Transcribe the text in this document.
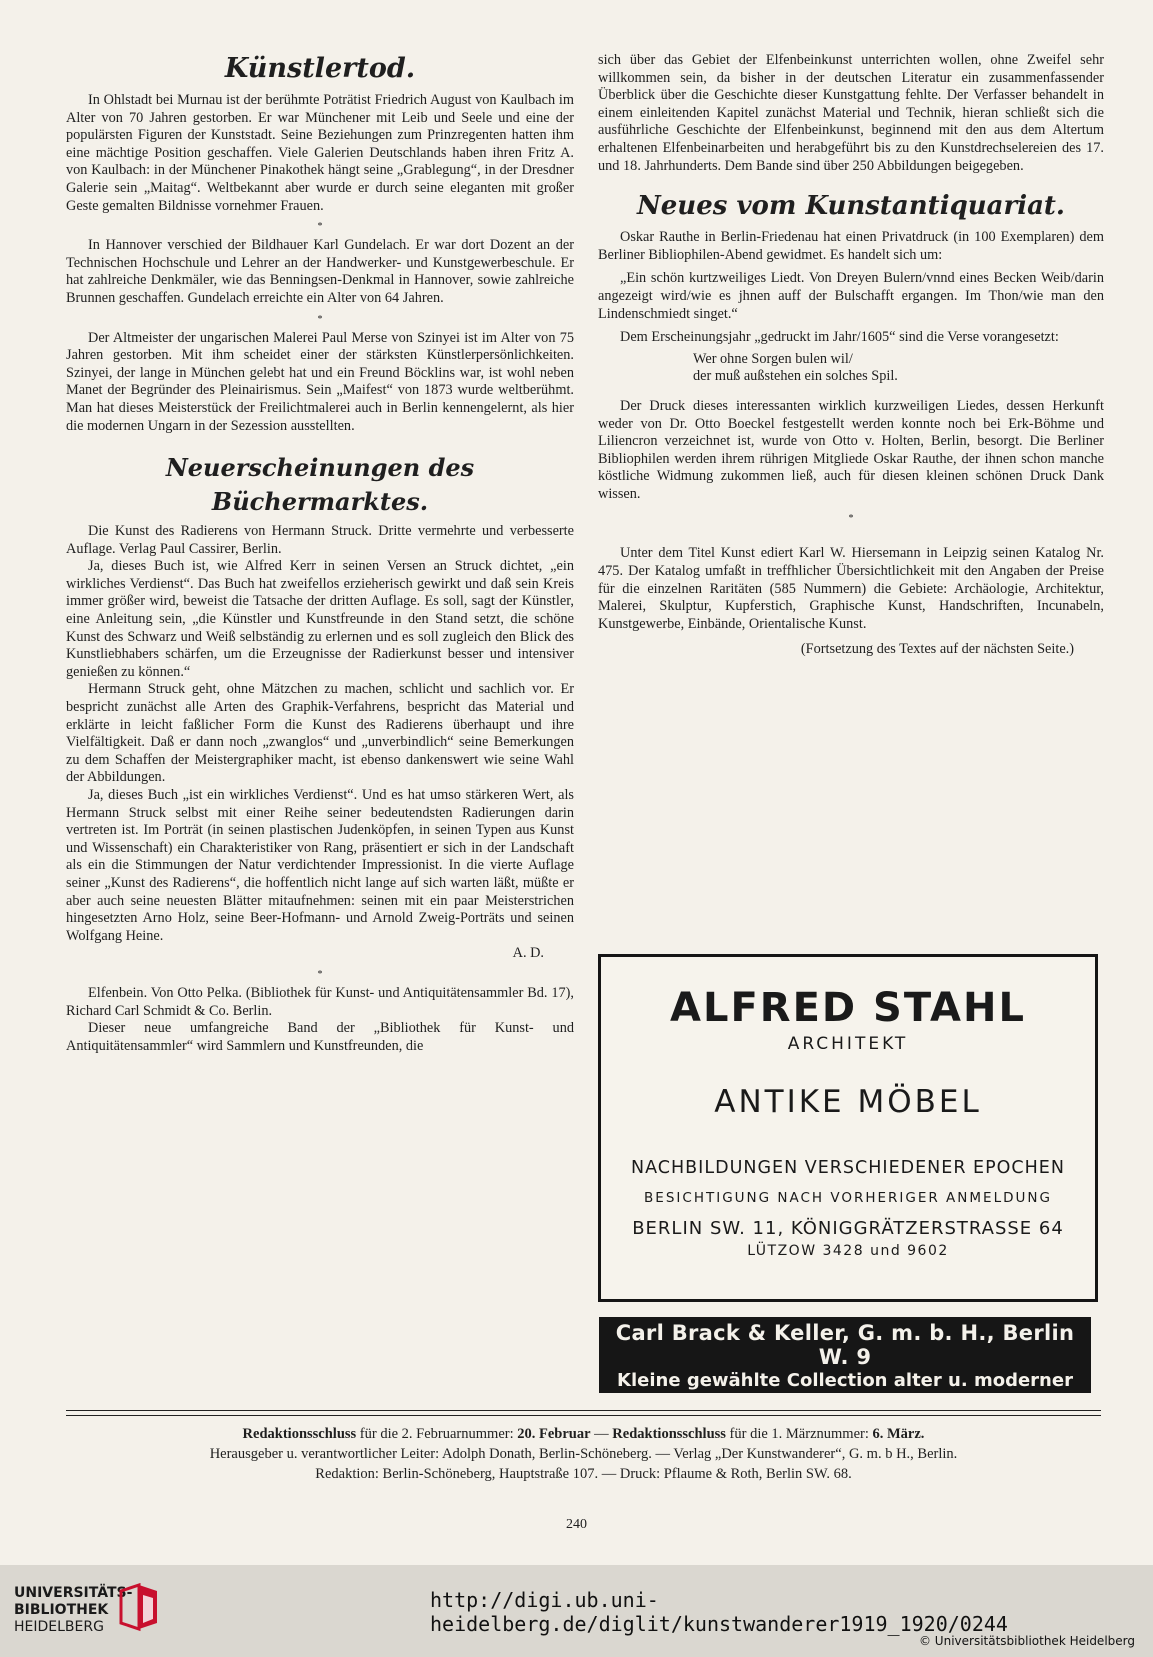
Künstlertod.

In Ohlstadt bei Murnau ist der berühmte Poträtist Friedrich August von Kaulbach im Alter von 70 Jahren gestorben. Er war Münchener mit Leib und Seele und eine der populärsten Figuren der Kunststadt. Seine Beziehungen zum Prinzregenten hatten ihm eine mächtige Position geschaffen. Viele Galerien Deutschlands haben ihren Fritz A. von Kaulbach: in der Münchener Pinakothek hängt seine „Grablegung“, in der Dresdner Galerie sein „Maitag“. Weltbekannt aber wurde er durch seine eleganten mit großer Geste gemalten Bildnisse vornehmer Frauen.

*

In Hannover verschied der Bildhauer Karl Gundelach. Er war dort Dozent an der Technischen Hochschule und Lehrer an der Handwerker- und Kunstgewerbeschule. Er hat zahlreiche Denkmäler, wie das Benningsen-Denkmal in Hannover, sowie zahlreiche Brunnen geschaffen. Gundelach erreichte ein Alter von 64 Jahren.

*

Der Altmeister der ungarischen Malerei Paul Merse von Szinyei ist im Alter von 75 Jahren gestorben. Mit ihm scheidet einer der stärksten Künstlerpersönlichkeiten. Szinyei, der lange in München gelebt hat und ein Freund Böcklins war, ist wohl neben Manet der Begründer des Pleinairismus. Sein „Maifest“ von 1873 wurde weltberühmt. Man hat dieses Meisterstück der Freilichtmalerei auch in Berlin kennengelernt, als hier die modernen Ungarn in der Sezession ausstellten.

Neuerscheinungen des Büchermarktes.

Die Kunst des Radierens von Hermann Struck. Dritte vermehrte und verbesserte Auflage. Verlag Paul Cassirer, Berlin.

Ja, dieses Buch ist, wie Alfred Kerr in seinen Versen an Struck dichtet, „ein wirkliches Verdienst“. Das Buch hat zweifellos erzieherisch gewirkt und daß sein Kreis immer größer wird, beweist die Tatsache der dritten Auflage. Es soll, sagt der Künstler, eine Anleitung sein, „die Künstler und Kunstfreunde in den Stand setzt, die schöne Kunst des Schwarz und Weiß selbständig zu erlernen und es soll zugleich den Blick des Kunstliebhabers schärfen, um die Erzeugnisse der Radierkunst besser und intensiver genießen zu können.“

Hermann Struck geht, ohne Mätzchen zu machen, schlicht und sachlich vor. Er bespricht zunächst alle Arten des Graphik-Verfahrens, bespricht das Material und erklärte in leicht faßlicher Form die Kunst des Radierens überhaupt und ihre Vielfältigkeit. Daß er dann noch „zwanglos“ und „unverbindlich“ seine Bemerkungen zu dem Schaffen der Meistergraphiker macht, ist ebenso dankenswert wie seine Wahl der Abbildungen.

Ja, dieses Buch „ist ein wirkliches Verdienst“. Und es hat umso stärkeren Wert, als Hermann Struck selbst mit einer Reihe seiner bedeutendsten Radierungen darin vertreten ist. Im Porträt (in seinen plastischen Judenköpfen, in seinen Typen aus Kunst und Wissenschaft) ein Charakteristiker von Rang, präsentiert er sich in der Landschaft als ein die Stimmungen der Natur verdichtender Impressionist. In die vierte Auflage seiner „Kunst des Radierens“, die hoffentlich nicht lange auf sich warten läßt, müßte er aber auch seine neuesten Blätter mitaufnehmen: seinen mit ein paar Meisterstrichen hingesetzten Arno Holz, seine Beer-Hofmann- und Arnold Zweig-Porträts und seinen Wolfgang Heine.

A. D.
*

Elfenbein. Von Otto Pelka. (Bibliothek für Kunst- und Antiquitätensammler Bd. 17), Richard Carl Schmidt & Co. Berlin.

Dieser neue umfangreiche Band der „Bibliothek für Kunst- und Antiquitätensammler“ wird Sammlern und Kunstfreunden, die

sich über das Gebiet der Elfenbeinkunst unterrichten wollen, ohne Zweifel sehr willkommen sein, da bisher in der deutschen Literatur ein zusammenfassender Überblick über die Geschichte dieser Kunstgattung fehlte. Der Verfasser behandelt in einem einleitenden Kapitel zunächst Material und Technik, hieran schließt sich die ausführliche Geschichte der Elfenbeinkunst, beginnend mit den aus dem Altertum erhaltenen Elfenbeinarbeiten und herabgeführt bis zu den Kunstdrechselereien des 17. und 18. Jahrhunderts. Dem Bande sind über 250 Abbildungen beigegeben.

Neues vom Kunstantiquariat.

Oskar Rauthe in Berlin-Friedenau hat einen Privatdruck (in 100 Exemplaren) dem Berliner Bibliophilen-Abend gewidmet. Es handelt sich um:

„Ein schön kurtzweiliges Liedt. Von Dreyen Bulern/vnnd eines Becken Weib/darin angezeigt wird/wie es jhnen auff der Bulschafft ergangen. Im Thon/wie man den Lindenschmiedt singet.“

Dem Erscheinungsjahr „gedruckt im Jahr/1605“ sind die Verse vorangesetzt:

Wer ohne Sorgen bulen wil/
der muß außstehen ein solches Spil.

Der Druck dieses interessanten wirklich kurzweiligen Liedes, dessen Herkunft weder von Dr. Otto Boeckel festgestellt werden konnte noch bei Erk-Böhme und Liliencron verzeichnet ist, wurde von Otto v. Holten, Berlin, besorgt. Die Berliner Bibliophilen werden ihrem rührigen Mitgliede Oskar Rauthe, der ihnen schon manche köstliche Widmung zukommen ließ, auch für diesen kleinen schönen Druck Dank wissen.

*

Unter dem Titel Kunst ediert Karl W. Hiersemann in Leipzig seinen Katalog Nr. 475. Der Katalog umfaßt in treffhlicher Übersichtlichkeit mit den Angaben der Preise für die einzelnen Raritäten (585 Nummern) die Gebiete: Archäologie, Architektur, Malerei, Skulptur, Kupferstich, Graphische Kunst, Handschriften, Incunabeln, Kunstgewerbe, Einbände, Orientalische Kunst.

(Fortsetzung des Textes auf der nächsten Seite.)
ALFRED STAHL
ARCHITEKT
ANTIKE MÖBEL
NACHBILDUNGEN VERSCHIEDENER EPOCHEN
BESICHTIGUNG NACH VORHERIGER ANMELDUNG
BERLIN SW. 11, KÖNIGGRÄTZERSTRASSE 64
LÜTZOW 3428 und 9602
Carl Brack & Keller, G. m. b. H., Berlin W. 9
Kleine gewählte Collection alter u. moderner Meister
Ankauf	Angebote erbeten	Verkauf
Redaktionsschluss für die 2. Februarnummer: 20. Februar — Redaktionsschluss für die 1. Märznummer: 6. März.
Herausgeber u. verantwortlicher Leiter: Adolph Donath, Berlin-Schöneberg. — Verlag „Der Kunstwanderer“, G. m. b H., Berlin.
Redaktion: Berlin-Schöneberg, Hauptstraße 107. — Druck: Pflaume & Roth, Berlin SW. 68.
240
UNIVERSITÄTS-
BIBLIOTHEK
HEIDELBERG
http://digi.ub.uni-heidelberg.de/diglit/kunstwanderer1919_1920/0244
© Universitätsbibliothek Heidelberg
